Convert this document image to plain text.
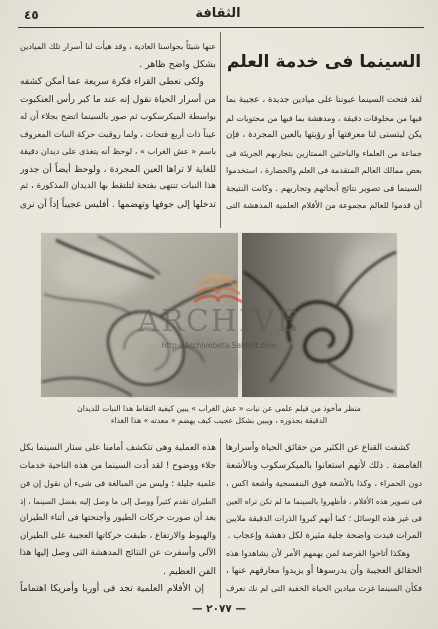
٤٥	الثقافة
السينما فى خدمة العلم
لقد فتحت السينما عيوننا على ميادين جديدة ، عجيبة بما
فيها من مخلوقات دقيقة ، ومدهشة بما فيها من محتويات لم
يكن ليتسنى لنا معرفتها أو رؤيتها بالعين المجردة ، فإن
جماعة من العلماء والباحثين الممتازين بتجاربهم الجريئة فى
بعض ممالك العالم المتقدمة فى العلم والحضارة ، استخدموا
السينما فى تصوير نتائج أبحاثهم وتجاربهم . وكانت النتيجة
أن قدموا للعالم مجموعة من الأفلام العلمية المدهشة التى
عنها شيئاً بحواسنا العادية ، وقد هيأت لنا أسرار تلك الميادين
بشكل واضح ظاهر .
ولكى نعطى القراء فكرة سريعة عما أمكن كشفه
من أسرار الحياة نقول إنه عند ما كبر رأس العنكبوت
بواسطة الميكرسكوب ثم صور بالسينما اتضح بجلاء أن له
عيناً ذات أربع فتحات ، ولما روقبت حركة النبات المعروف
باسم « عش الغراب » ، لوحظ أنه يتغذى على ديدان دقيقة
للغاية لا تراها العين المجردة ، ولوحظ أيضاً أن جذور
هذا النبات تنتهى بفتحة لتلتقط بها الديدان المذكورة ، ثم
تدخلها إلى جوفها وتهضمها . أفليس عجيباً إذاً أن نرى
ARCHIVE
http://Archivebeta.Sakhrit.com
منظر مأخوذ من فيلم علمى عن نبات « عش الغراب » يبين كيفية التقاط هذا النبات للديدان
الدقيقة بجذوره ، ويبين بشكل عجيب كيف يهضم « معدته » هذا الغذاء
كشفت القناع عن الكثير من حقائق الحياة وأسرارها
الغامضة . ذلك لأنهم استعانوا بالميكرسكوب وبالأشعة
دون الحمراء ، وكذا بالأشعة فوق البنفسجية وأشعة اكس ،
فى تصوير هذه الأفلام ، فأظهروا بالسينما ما لم تكن تراه العين
فى غير هذه الوسائل ؛ كما أنهم كبروا الذرات الدقيقة ملايين
المرات فبدت واضحة جلية مثيرة لكل دهشة وإعجاب .
وهكذا أتاحوا الفرصة لمن يهمهم الأمر لأن يشاهدوا هذه
الحقائق العجيبة وأن يدرسوها أو يزيدوا معارفهم عنها ،
فكأن السينما غزت ميادين الحياة الخفية التى لم نك نعرف
هذه العملية وهى تتكشف أمامنا على ستار السينما بكل
جلاء ووضوح ! لقد أدت السينما من هذه الناحية خدمات
علمية جليلة ؛ وليس من المبالغة فى شىء أن نقول إن فن
الطيران تقدم كثيراً ووصل إلى ما وصل إليه بفضل السينما ، إذ
بعد أن صورت حركات الطيور وأجنحتها فى أثناء الطيران
والهبوط والارتفاع ، طبقت حركاتها العجيبة على الطيران
الآلى وأسفرت عن النتائج المدهشة التى وصل إليها هذا
الفن العظيم .
إن الأفلام العلمية تجد فى أوربا وأمريكا اهتماماً
— ٢٠٧٧ —
